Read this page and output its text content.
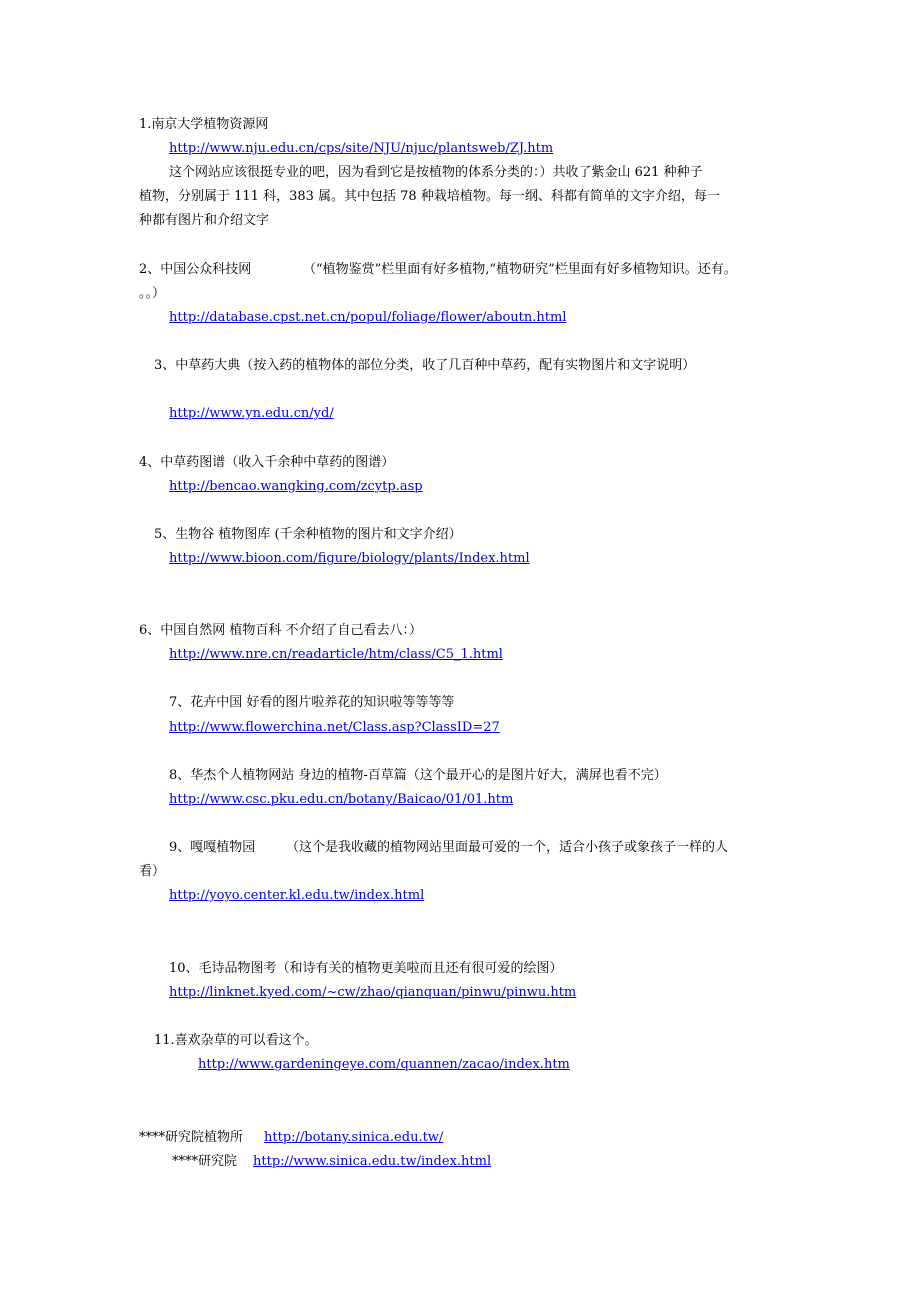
1.南京大学植物资源网
http://www.nju.edu.cn/cps/site/NJU/njuc/plantsweb/ZJ.htm
这个网站应该很挺专业的吧，因为看到它是按植物的体系分类的：）共收了紫金山 621 种种子
植物，分别属于 111 科，383 属。其中包括 78 种栽培植物。每一纲、科都有简单的文字介绍，每一
种都有图片和介绍文字
2、中国公众科技网	（“植物鉴赏”栏里面有好多植物,“植物研究”栏里面有好多植物知识。还有。
。。）
http://database.cpst.net.cn/popul/foliage/flower/aboutn.html
3、中草药大典（按入药的植物体的部位分类，收了几百种中草药，配有实物图片和文字说明）
http://www.yn.edu.cn/yd/
4、中草药图谱（收入千余种中草药的图谱）
http://bencao.wangking.com/zcytp.asp
5、生物谷 植物图库 (千余种植物的图片和文字介绍）
http://www.bioon.com/figure/biology/plants/Index.html
6、中国自然网 植物百科 不介绍了自己看去八：）
http://www.nre.cn/readarticle/htm/class/C5_1.html
7、花卉中国 好看的图片啦养花的知识啦等等等等
http://www.flowerchina.net/Class.asp?ClassID=27
8、华杰个人植物网站 身边的植物-百草篇（这个最开心的是图片好大，满屏也看不完）
http://www.csc.pku.edu.cn/botany/Baicao/01/01.htm
9、嘎嘎植物园 （这个是我收藏的植物网站里面最可爱的一个，适合小孩子或象孩子一样的人
看）
http://yoyo.center.kl.edu.tw/index.html
10、毛诗品物图考（和诗有关的植物更美啦而且还有很可爱的绘图）
http://linknet.kyed.com/~cw/zhao/qianquan/pinwu/pinwu.htm
11.喜欢杂草的可以看这个。
http://www.gardeningeye.com/quannen/zacao/index.htm
****研究院植物所 http://botany.sinica.edu.tw/
****研究院 http://www.sinica.edu.tw/index.html
